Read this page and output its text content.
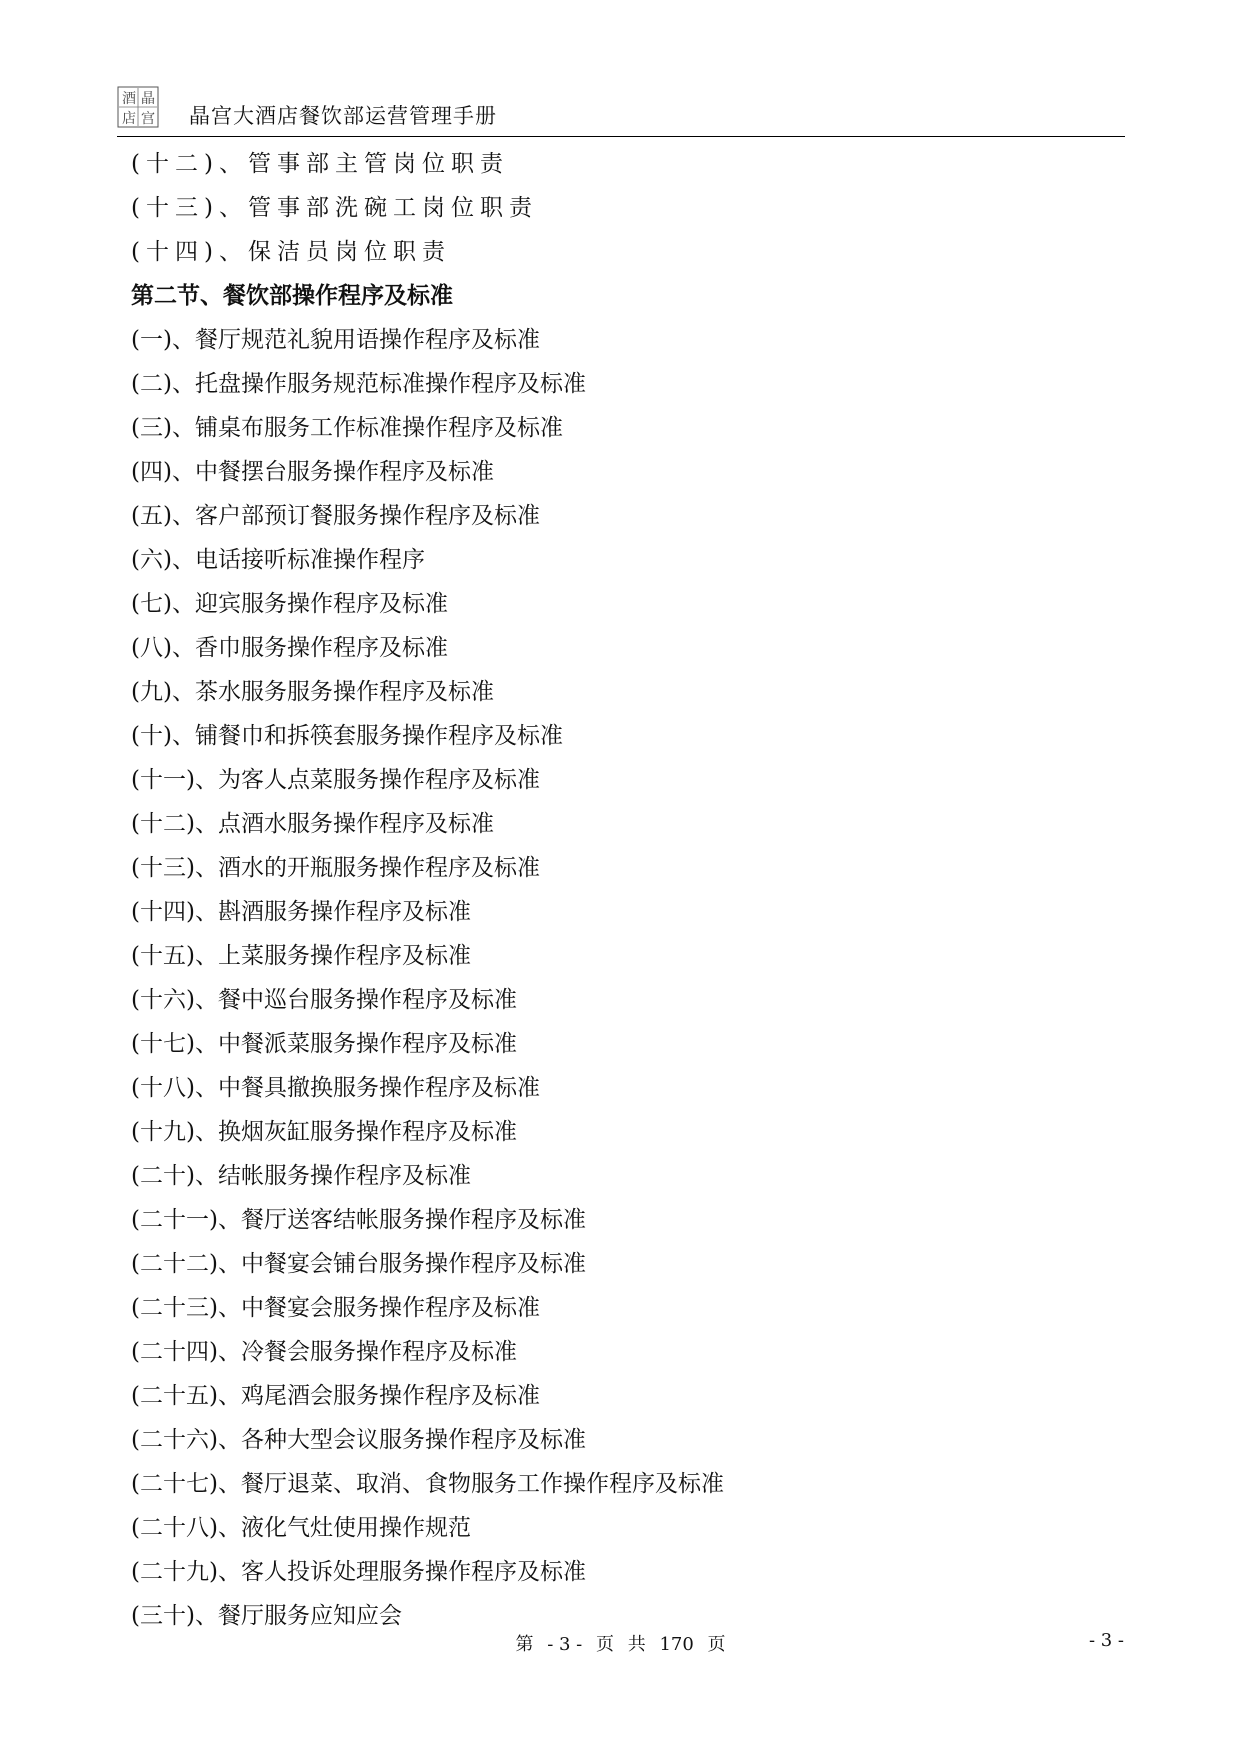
酒 晶
店 宫 晶宫大酒店餐饮部运营管理手册
(十二)、管事部主管岗位职责
(十三)、管事部洗碗工岗位职责
(十四)、保洁员岗位职责
第二节、餐饮部操作程序及标准
(一)、餐厅规范礼貌用语操作程序及标准
(二)、托盘操作服务规范标准操作程序及标准
(三)、铺桌布服务工作标准操作程序及标准
(四)、中餐摆台服务操作程序及标准
(五)、客户部预订餐服务操作程序及标准
(六)、电话接听标准操作程序
(七)、迎宾服务操作程序及标准
(八)、香巾服务操作程序及标准
(九)、茶水服务服务操作程序及标准
(十)、铺餐巾和拆筷套服务操作程序及标准
(十一)、为客人点菜服务操作程序及标准
(十二)、点酒水服务操作程序及标准
(十三)、酒水的开瓶服务操作程序及标准
(十四)、斟酒服务操作程序及标准
(十五)、上菜服务操作程序及标准
(十六)、餐中巡台服务操作程序及标准
(十七)、中餐派菜服务操作程序及标准
(十八)、中餐具撤换服务操作程序及标准
(十九)、换烟灰缸服务操作程序及标准
(二十)、结帐服务操作程序及标准
(二十一)、餐厅送客结帐服务操作程序及标准
(二十二)、中餐宴会铺台服务操作程序及标准
(二十三)、中餐宴会服务操作程序及标准
(二十四)、冷餐会服务操作程序及标准
(二十五)、鸡尾酒会服务操作程序及标准
(二十六)、各种大型会议服务操作程序及标准
(二十七)、餐厅退菜、取消、食物服务工作操作程序及标准
(二十八)、液化气灶使用操作规范
(二十九)、客人投诉处理服务操作程序及标准
(三十)、餐厅服务应知应会
第 - 3 - 页 共 170 页	- 3 -
